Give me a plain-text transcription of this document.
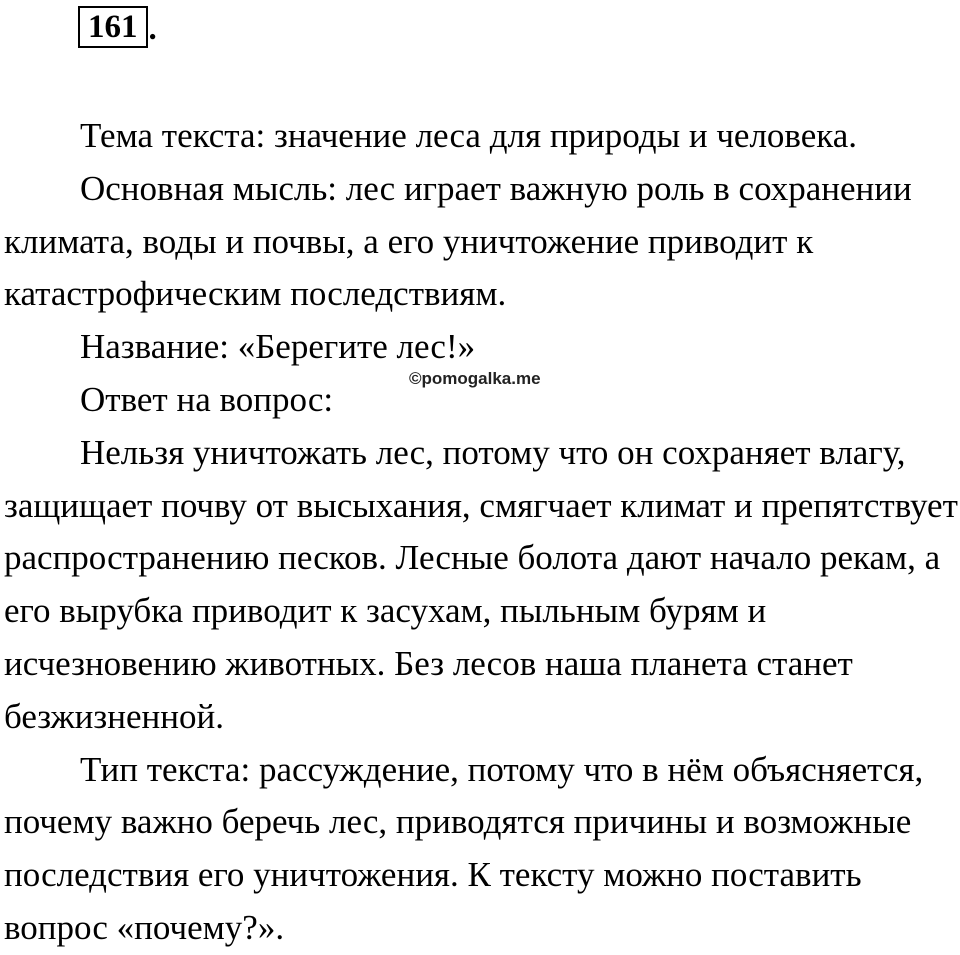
161 .

Тема текста: значение леса для природы и человека.

Основная мысль: лес играет важную роль в сохранении климата, воды и почвы, а его уничтожение приводит к катастрофическим последствиям.

Название: «Берегите лес!»

Ответ на вопрос:

Нельзя уничтожать лес, потому что он сохраняет влагу, защищает почву от высыхания, смягчает климат и препятствует распространению песков. Лесные болота дают начало рекам, а его вырубка приводит к засухам, пыльным бурям и исчезновению животных. Без лесов наша планета станет безжизненной.

Тип текста: рассуждение, потому что в нём объясняется, почему важно беречь лес, приводятся причины и возможные последствия его уничтожения. К тексту можно поставить вопрос «почему?».

©pomogalka.me
